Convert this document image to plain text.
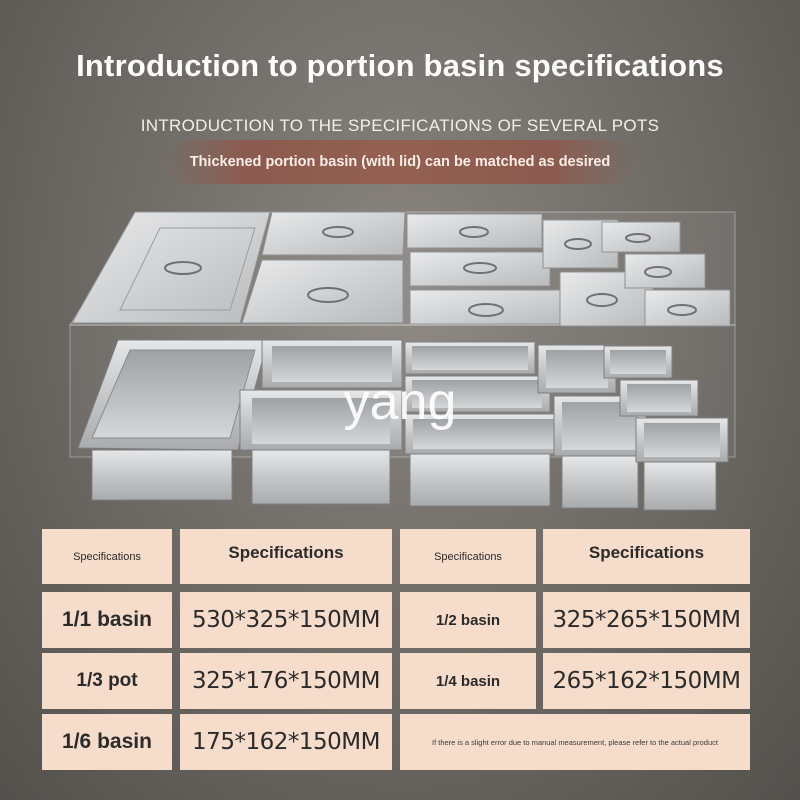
Introduction to portion basin specifications
INTRODUCTION TO THE SPECIFICATIONS OF SEVERAL POTS
Thickened portion basin (with lid) can be matched as desired
yang
Specifications	Specifications	Specifications	Specifications
1/1 basin 530*325*150MM	1/2 basin 325*265*150MM
1/3 pot 325*176*150MM	1/4 basin 265*162*150MM
1/6 basin 175*162*150MM	If there is a slight error due to manual measurement, please refer to the actual product
